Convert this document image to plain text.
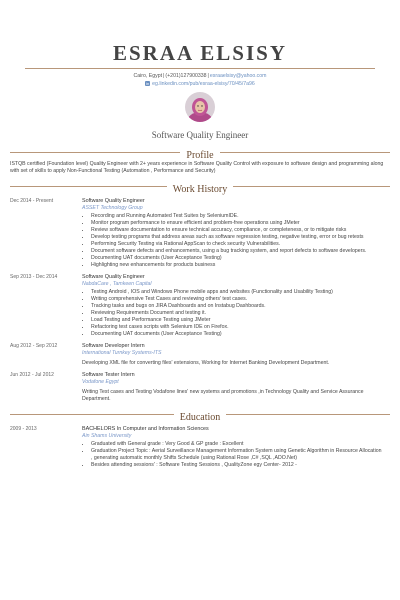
ESRAA ELSISY
Cairo, Egypt|(+201)127900338|esraaelsisy@yahoo.com
in eg.linkedin.com/pub/esraa-elsisy/70/45/7a96
Software Quality Engineer
Profile
ISTQB certified (Foundation level) Quality Engineer with 2+ years experience in Software Quality Control with exposure to software design and programming along with set of skills to apply Non-Functional Testing (Automation , Performance and Security)
Work History
Dec 2014 - Present	Software Quality Engineer
ASSET Technology Group
• Recording and Running Automated Test Suites by SeleniumIDE.
• Monitor program performance to ensure efficient and problem-free operations using JMeter
• Review software documentation to ensure technical accuracy, compliance, or completeness, or to mitigate risks
• Develop testing programs that address areas such as software regression testing, negative testing, error or bug retests
• Performing Security Testing via Rational AppScan to check security Vulnerabilities.
• Document software defects and enhancements, using a bug tracking system, and report defects to software developers.
• Documenting UAT documents (User Acceptance Testing)
• Highlighting new enhancements for products business
Sep 2013 - Dec 2014	Software Quality Engineer
NabdaCare , Tamkeen Capital
• Testing Android , IOS and Windows Phone mobile apps and websites (Functionality and Usability Testing)
• Writing comprehensive Test Cases and reviewing others' test cases.
• Tracking tasks and bugs on JIRA Dashboards and on Instabug Dashboards.
• Reviewing Requirements Document and testing it.
• Load Testing and Performance Testing using JMeter
• Refactoring test cases scripts with Selenium IDE on Firefox.
• Documenting UAT documents (User Acceptance Testing)
Aug 2012 - Sep 2012	Software Developer Intern
International Turnkey Systems-ITS

Developing XML file for converting files' extensions, Working for Internet Banking Development Department.

Jun 2012 - Jul 2012	Software Tester Intern
Vodafone Egypt

Writing Test cases and Testing Vodafone lines' new systems and promotions ,in Technology Quality and Service Assurance Department.

Education
2009 - 2013	BACHELORS In Computer and Information Sciences
Ain Shams University
• Graduated with General grade : Very Good & GP grade : Excellent
• Graduation Project Topic : Aerial Surveillance Management Information System using Genetic Algorithm in Resource Allocation , generating automatic monthly Shifts Schedule (using Rational Rose ,C# ,SQL ,ADO.Net)
• Besides attending sessions' : Software Testing Sessions , QualityZone egy Center- 2012 -
